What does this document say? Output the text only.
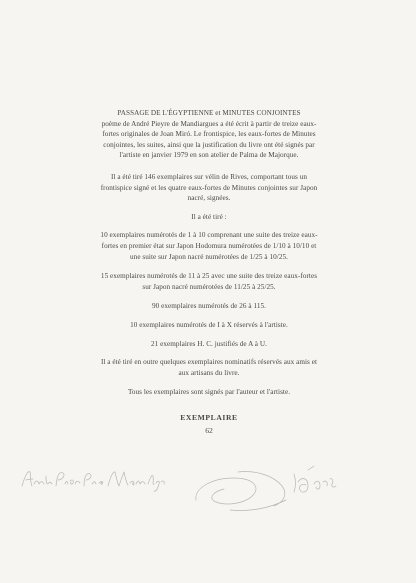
PASSAGE DE L'ÉGYPTIENNE et MINUTES CONJOINTES

poème de André Pieyre de Mandiargues a été écrit à partir de treize eaux-fortes originales de Joan Miró. Le frontispice, les eaux-fortes de Minutes conjointes, les suites, ainsi que la justification du livre ont été signés par l'artiste en janvier 1979 en son atelier de Palma de Majorque.

Il a été tiré 146 exemplaires sur vélin de Rives, comportant tous un frontispice signé et les quatre eaux-fortes de Minutes conjointes sur Japon nacré, signées.

Il a été tiré :

10 exemplaires numérotés de 1 à 10 comprenant une suite des treize eaux-fortes en premier état sur Japon Hodomura numérotées de 1/10 à 10/10 et une suite sur Japon nacré numérotées de 1/25 à 10/25.

15 exemplaires numérotés de 11 à 25 avec une suite des treize eaux-fortes sur Japon nacré numérotées de 11/25 à 25/25.

90 exemplaires numérotés de 26 à 115.

10 exemplaires numérotés de I à X réservés à l'artiste.

21 exemplaires H. C. justifiés de A à U.

Il a été tiré en outre quelques exemplaires nominatifs réservés aux amis et aux artisans du livre.

Tous les exemplaires sont signés par l'auteur et l'artiste.

EXEMPLAIRE
62
